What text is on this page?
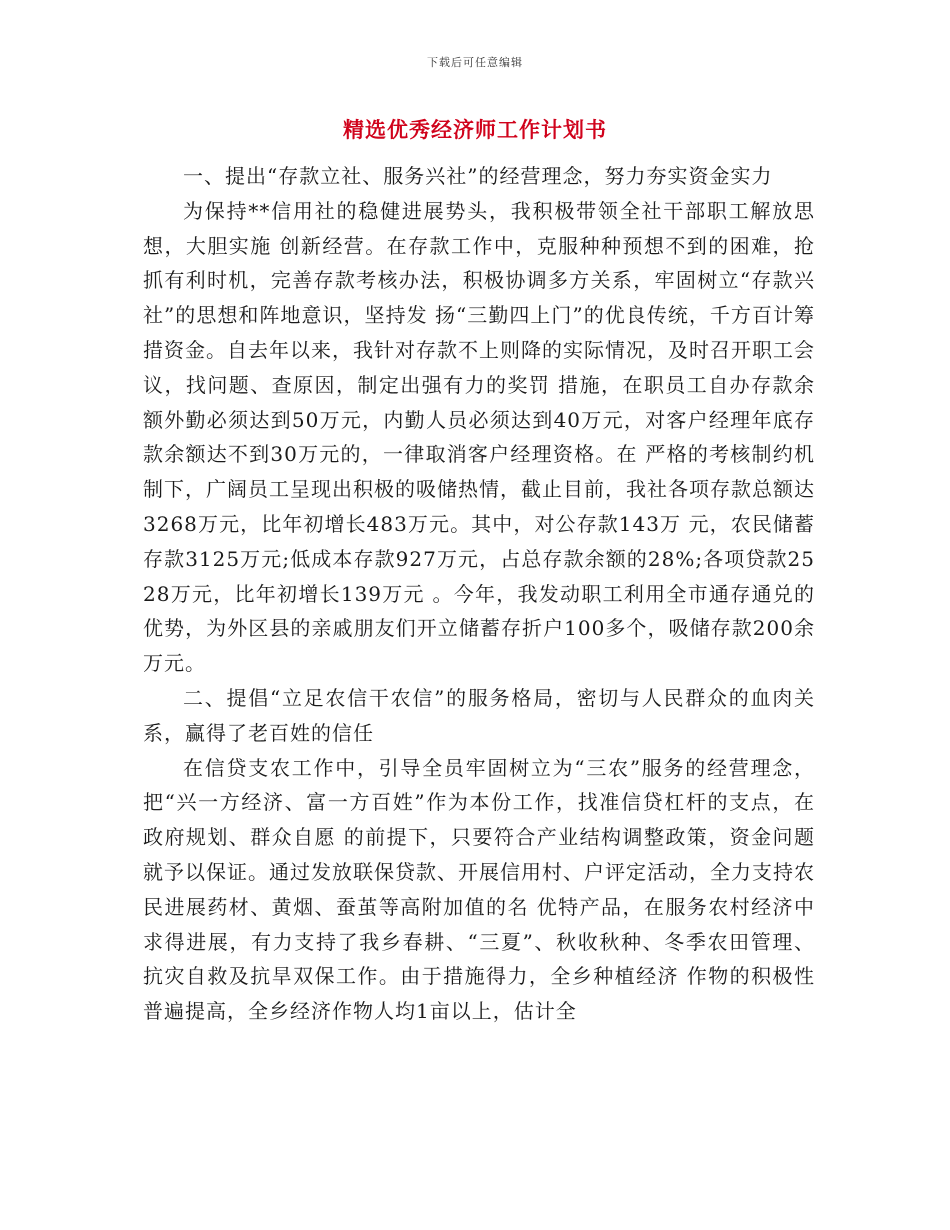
下载后可任意编辑
精选优秀经济师工作计划书

一、提出“存款立社、服务兴社”的经营理念，努力夯实资金实力

为保持**信用社的稳健进展势头，我积极带领全社干部职工解放思想，大胆实施 创新经营。在存款工作中，克服种种预想不到的困难，抢抓有利时机，完善存款考核办法，积极协调多方关系，牢固树立“存款兴社”的思想和阵地意识，坚持发 扬“三勤四上门”的优良传统，千方百计筹措资金。自去年以来，我针对存款不上则降的实际情况，及时召开职工会议，找问题、查原因，制定出强有力的奖罚 措施，在职员工自办存款余额外勤必须达到50万元，内勤人员必须达到40万元，对客户经理年底存款余额达不到30万元的，一律取消客户经理资格。在 严格的考核制约机制下，广阔员工呈现出积极的吸储热情，截止目前，我社各项存款总额达3268万元，比年初增长483万元。其中，对公存款143万 元，农民储蓄存款3125万元;低成本存款927万元，占总存款余额的28%;各项贷款2528万元，比年初增长139万元 。今年，我发动职工利用全市通存通兑的优势，为外区县的亲戚朋友们开立储蓄存折户100多个，吸储存款200余万元。

二、提倡“立足农信干农信”的服务格局，密切与人民群众的血肉关系，赢得了老百姓的信任

在信贷支农工作中，引导全员牢固树立为“三农”服务的经营理念，把“兴一方经济、富一方百姓”作为本份工作，找准信贷杠杆的支点，在政府规划、群众自愿 的前提下，只要符合产业结构调整政策，资金问题就予以保证。通过发放联保贷款、开展信用村、户评定活动，全力支持农民进展药材、黄烟、蚕茧等高附加值的名 优特产品，在服务农村经济中求得进展，有力支持了我乡春耕、“三夏”、秋收秋种、冬季农田管理、抗灾自救及抗旱双保工作。由于措施得力，全乡种植经济 作物的积极性普遍提高，全乡经济作物人均1亩以上，估计全
